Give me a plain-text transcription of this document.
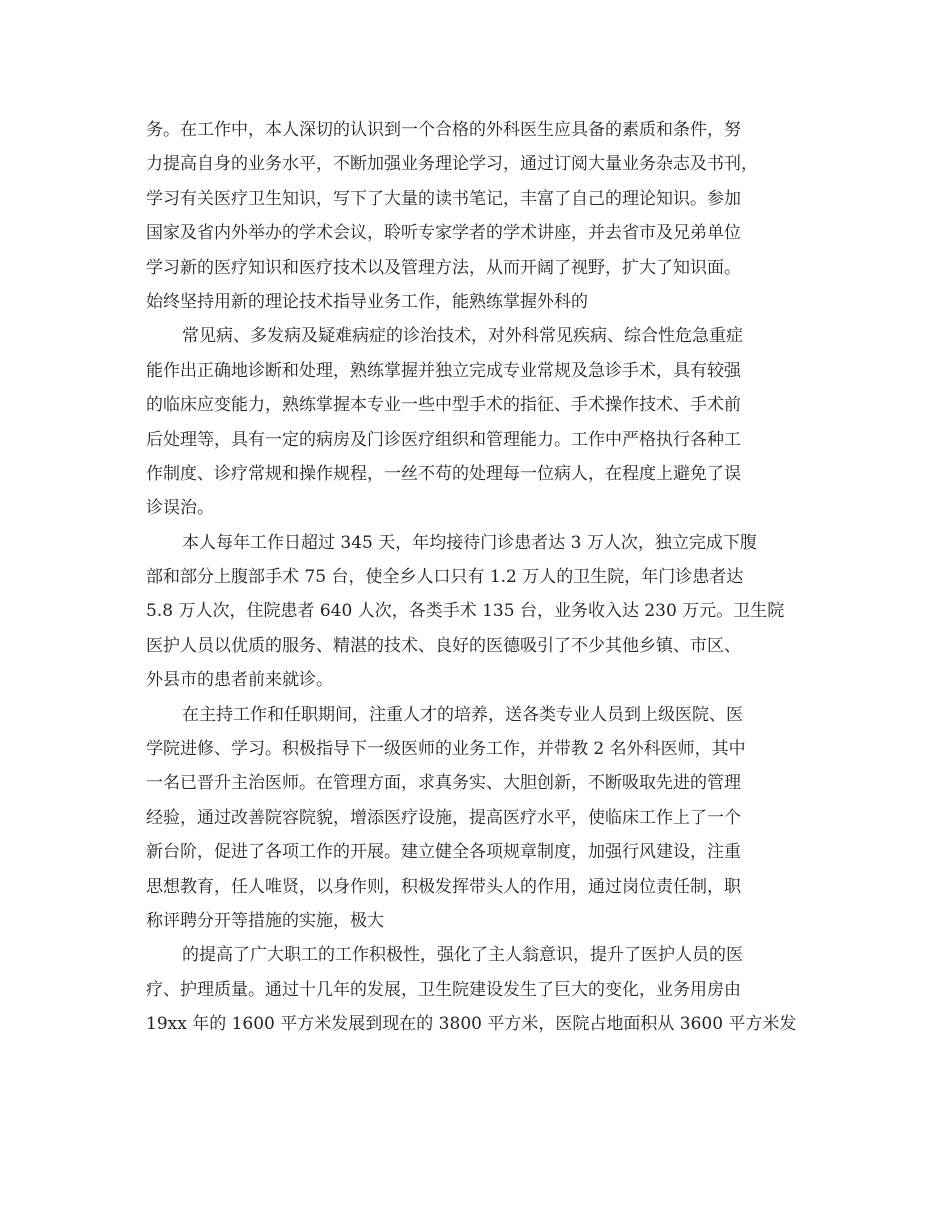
务。在工作中，本人深切的认识到一个合格的外科医生应具备的素质和条件，努
力提高自身的业务水平，不断加强业务理论学习，通过订阅大量业务杂志及书刊，
学习有关医疗卫生知识，写下了大量的读书笔记，丰富了自己的理论知识。参加
国家及省内外举办的学术会议，聆听专家学者的学术讲座，并去省市及兄弟单位
学习新的医疗知识和医疗技术以及管理方法，从而开阔了视野，扩大了知识面。
始终坚持用新的理论技术指导业务工作，能熟练掌握外科的
常见病、多发病及疑难病症的诊治技术，对外科常见疾病、综合性危急重症
能作出正确地诊断和处理，熟练掌握并独立完成专业常规及急诊手术，具有较强
的临床应变能力，熟练掌握本专业一些中型手术的指征、手术操作技术、手术前
后处理等，具有一定的病房及门诊医疗组织和管理能力。工作中严格执行各种工
作制度、诊疗常规和操作规程，一丝不苟的处理每一位病人，在程度上避免了误
诊误治。
本人每年工作日超过 345 天，年均接待门诊患者达 3 万人次，独立完成下腹
部和部分上腹部手术 75 台，使全乡人口只有 1.2 万人的卫生院，年门诊患者达
5.8 万人次，住院患者 640 人次，各类手术 135 台，业务收入达 230 万元。卫生院
医护人员以优质的服务、精湛的技术、良好的医德吸引了不少其他乡镇、市区、
外县市的患者前来就诊。
在主持工作和任职期间，注重人才的培养，送各类专业人员到上级医院、医
学院进修、学习。积极指导下一级医师的业务工作，并带教 2 名外科医师，其中
一名已晋升主治医师。在管理方面，求真务实、大胆创新，不断吸取先进的管理
经验，通过改善院容院貌，增添医疗设施，提高医疗水平，使临床工作上了一个
新台阶，促进了各项工作的开展。建立健全各项规章制度，加强行风建设，注重
思想教育，任人唯贤，以身作则，积极发挥带头人的作用，通过岗位责任制，职
称评聘分开等措施的实施，极大
的提高了广大职工的工作积极性，强化了主人翁意识，提升了医护人员的医
疗、护理质量。通过十几年的发展，卫生院建设发生了巨大的变化，业务用房由
19xx 年的 1600 平方米发展到现在的 3800 平方米，医院占地面积从 3600 平方米发
